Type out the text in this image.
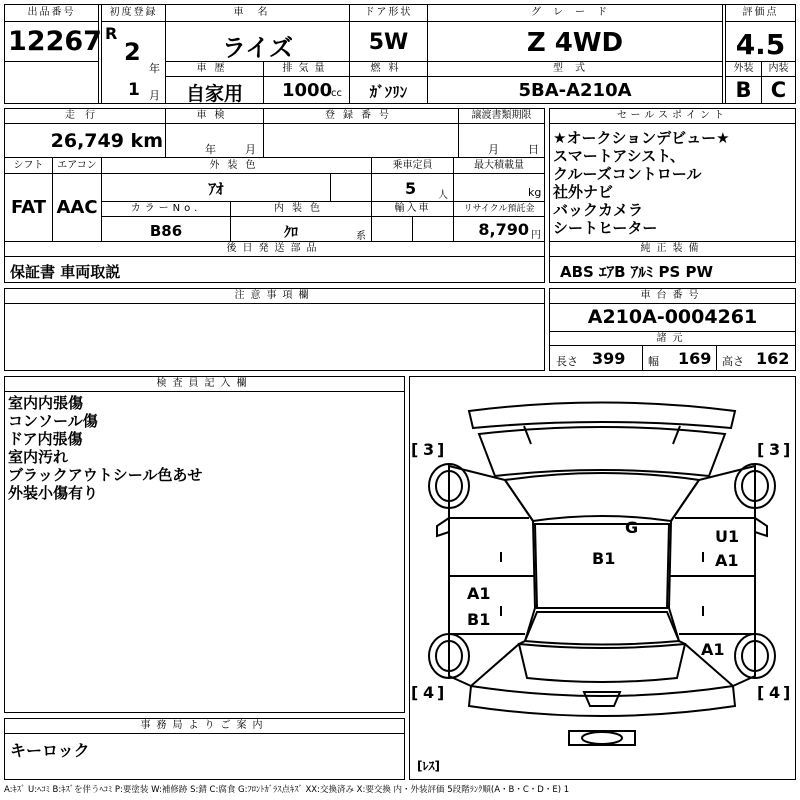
出品番号
12267
初度登録
R
2
年
1 月
車名
ライズ
ドア形状
5W
グレード
Z 4WD
評価点
4.5
車歴
自家用
排気量
1000
cc
燃料
ｶﾞｿﾘﾝ
型式
5BA-A210A
外装	内装
B C
走行
26,749 km
車検
年	月
登録番号	譲渡書類期限
月	日
シフト
FAT
エアコン
AAC
外装色
ｱｵ
乗車定員
5 人
最大積載量
kg
カラーNo.
B86
内装色
ｸﾛ	系
輸入車	リサイクル預託金
8,790 円
後日発送部品
保証書 車両取説
セールスポイント
★オークションデビュー★
スマートアシスト、
クルーズコントロール
社外ナビ
バックカメラ
シートヒーター
純正装備
ABS ｴｱB ｱﾙﾐ PS PW
注意事項欄	車台番号
A210A-0004261
諸元
長さ 399 幅 169 高さ 162
検査員記入欄
室内内張傷
コンソール傷
ドア内張傷
室内汚れ
ブラックアウトシール色あせ
外装小傷有り
事務局よりご案内
キーロック
[ 3 ]	[ 3 ]
[ 4 ]	[ 4 ]
G
B1
U1
A1
A1
B1
A1
[ﾚｽ]
A:ｷｽﾞ U:ﾍｺﾐ B:ｷｽﾞを伴うﾍｺﾐ P:要塗装 W:補修跡 S:錆 C:腐食 G:ﾌﾛﾝﾄｶﾞﾗｽ点ｷｽﾞ XX:交換済み X:要交換 内・外装評価 5段階ﾗﾝｸ順(A・B・C・D・E) 1
